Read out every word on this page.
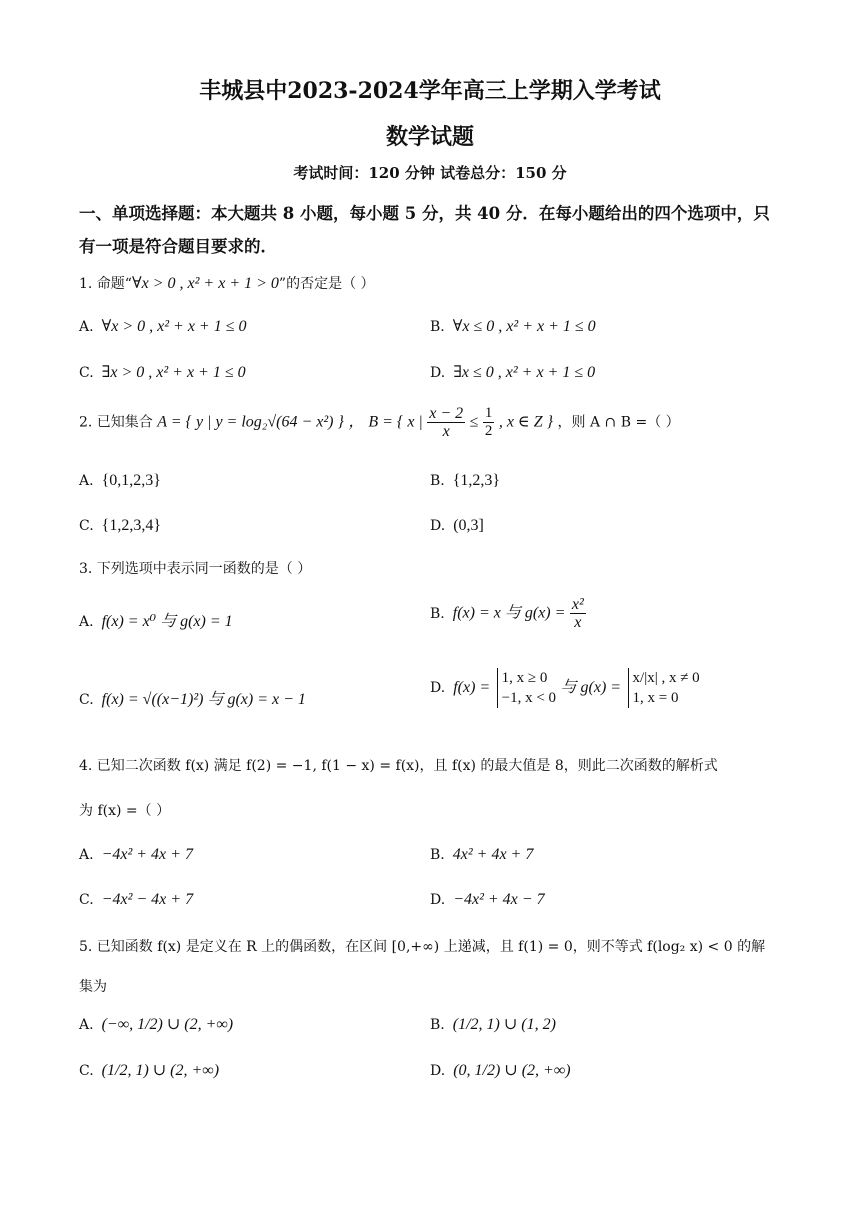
丰城县中2023-2024学年高三上学期入学考试
数学试题
考试时间：120 分钟 试卷总分：150 分
一、单项选择题：本大题共 8 小题，每小题 5 分，共 40 分．在每小题给出的四个选项中，只
有一项是符合题目要求的．
1. 命题“∀x > 0 , x² + x + 1 > 0”的否定是（ ）
A. ∀x > 0 , x² + x + 1 ≤ 0	B. ∀x ≤ 0 , x² + x + 1 ≤ 0
C. ∃x > 0 , x² + x + 1 ≤ 0	D. ∃x ≤ 0 , x² + x + 1 ≤ 0
2. 已知集合 A = { y | y = log₂√(64 − x²) } ， B = { x | $\frac{x - 2}{x} \le \frac{1}{2}$ , x ∈ Z } ，则 A ∩ B =（ ）
A. {0,1,2,3}	B. {1,2,3}
C. {1,2,3,4}	D. (0,3]
3. 下列选项中表示同一函数的是（ ）
A. f(x) = x⁰ 与 g(x) = 1	B. f(x) = x 与 $g(x) = \frac{\text{x²}}{x}$
C. f(x) = √((x−1)²) 与 g(x) = x − 1
D. f(x) =
1, x ≥ 0
−1, x < 0
与 g(x) =
x/|x| , x ≠ 0
1, x = 0
4. 已知二次函数 f(x) 满足 f(2) = −1, f(1 − x) = f(x)，且 f(x) 的最大值是 8，则此二次函数的解析式
为 f(x) =（ ）
A. −4x² + 4x + 7	B. 4x² + 4x + 7
C. −4x² − 4x + 7	D. −4x² + 4x − 7
5. 已知函数 f(x) 是定义在 R 上的偶函数，在区间 [0,+∞) 上递减，且 f(1) = 0，则不等式 f(log₂ x) < 0 的解
集为
A. (−∞, 1/2) ∪ (2, +∞)	B. (1/2, 1) ∪ (1, 2)
C. (1/2, 1) ∪ (2, +∞)	D. (0, 1/2) ∪ (2, +∞)
